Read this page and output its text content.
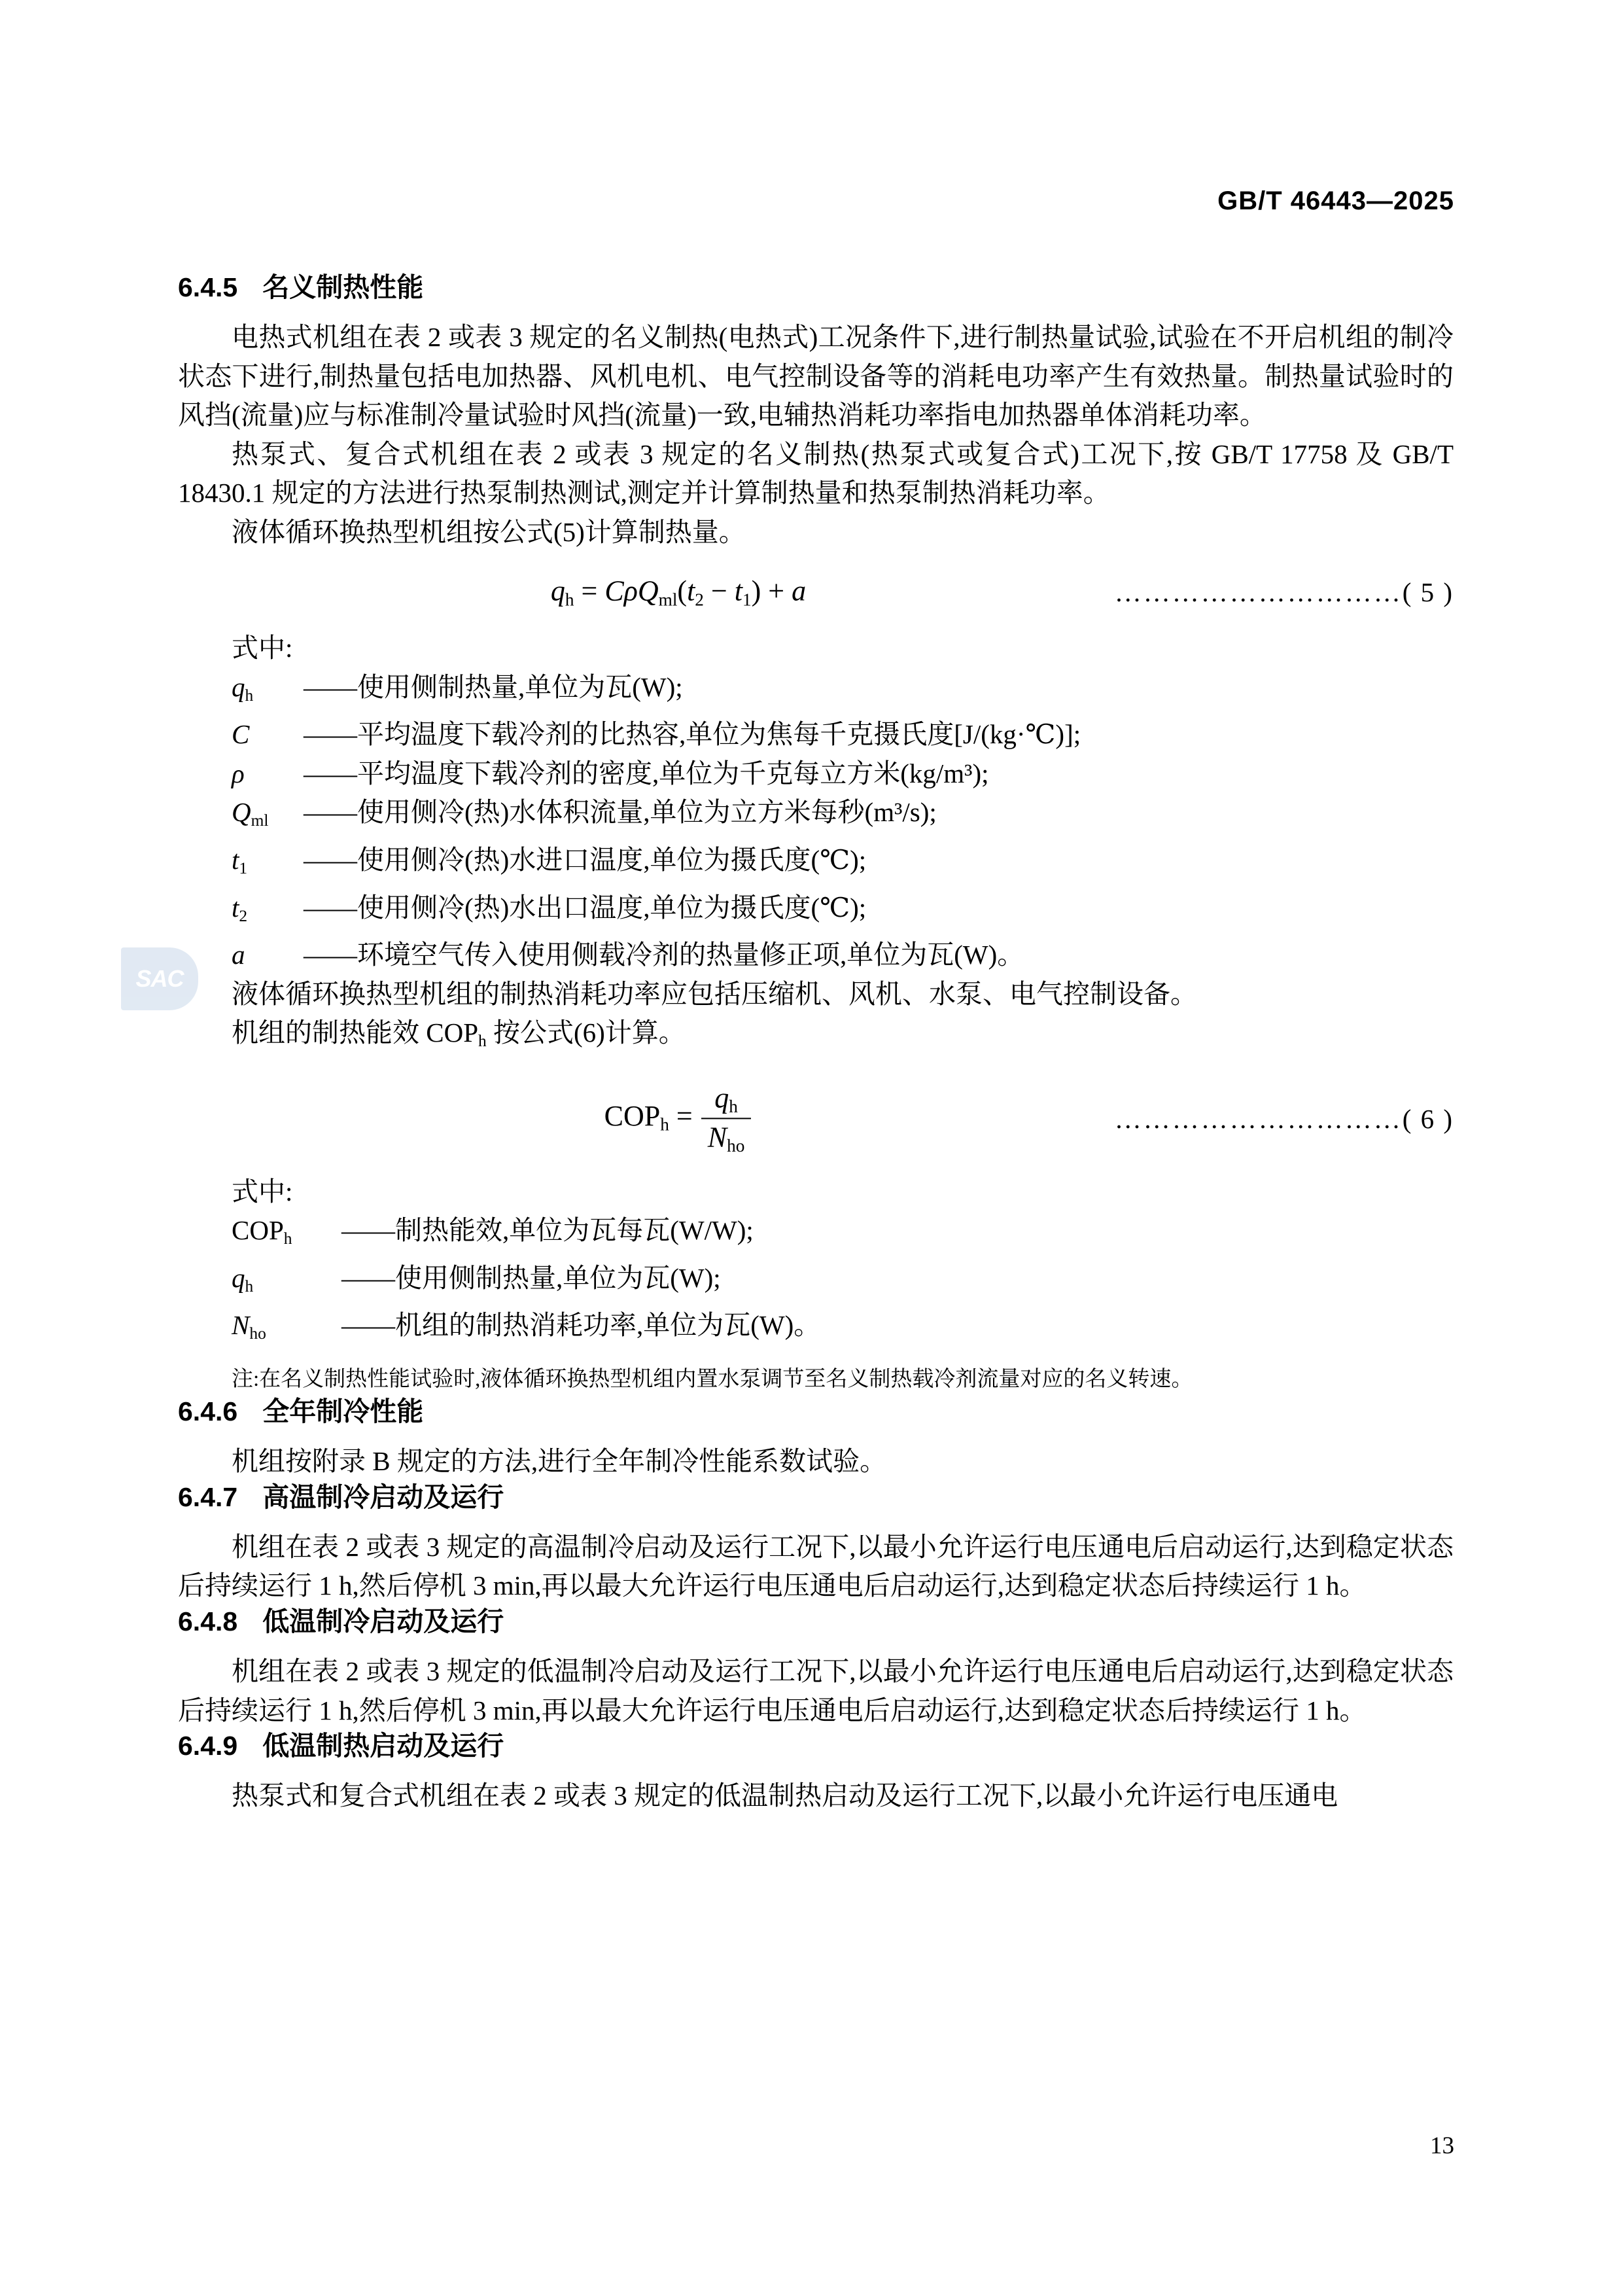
GB/T 46443—2025
SAC
6.4.5 名义制热性能

电热式机组在表 2 或表 3 规定的名义制热(电热式)工况条件下,进行制热量试验,试验在不开启机组的制冷状态下进行,制热量包括电加热器、风机电机、电气控制设备等的消耗电功率产生有效热量。制热量试验时的风挡(流量)应与标准制冷量试验时风挡(流量)一致,电辅热消耗功率指电加热器单体消耗功率。

热泵式、复合式机组在表 2 或表 3 规定的名义制热(热泵式或复合式)工况下,按 GB/T 17758 及 GB/T 18430.1 规定的方法进行热泵制热测试,测定并计算制热量和热泵制热消耗功率。

液体循环换热型机组按公式(5)计算制热量。

$q_h = C\rho Q_{ml}(t_2 - t_1) + a$	…………………………( 5 )

式中:

$q_h$	——使用侧制热量,单位为瓦(W);
C	——平均温度下载冷剂的比热容,单位为焦每千克摄氏度[J/(kg·℃)];
ρ	——平均温度下载冷剂的密度,单位为千克每立方米(kg/m³);
$Q_{ml}$	——使用侧冷(热)水体积流量,单位为立方米每秒(m³/s);
$t_1$	——使用侧冷(热)水进口温度,单位为摄氏度(℃);
$t_2$	——使用侧冷(热)水出口温度,单位为摄氏度(℃);
a	——环境空气传入使用侧载冷剂的热量修正项,单位为瓦(W)。

液体循环换热型机组的制热消耗功率应包括压缩机、风机、水泵、电气控制设备。

机组的制热能效 $COP_h$ 按公式(6)计算。

$COP_h = \frac{q_h}{N_{ho}}$	…………………………( 6 )

式中:

$COP_h$	——制热能效,单位为瓦每瓦(W/W);
$q_h$	——使用侧制热量,单位为瓦(W);
$N_{ho}$	——机组的制热消耗功率,单位为瓦(W)。

注:在名义制热性能试验时,液体循环换热型机组内置水泵调节至名义制热载冷剂流量对应的名义转速。

6.4.6 全年制冷性能

机组按附录 B 规定的方法,进行全年制冷性能系数试验。

6.4.7 高温制冷启动及运行

机组在表 2 或表 3 规定的高温制冷启动及运行工况下,以最小允许运行电压通电后启动运行,达到稳定状态后持续运行 1 h,然后停机 3 min,再以最大允许运行电压通电后启动运行,达到稳定状态后持续运行 1 h。

6.4.8 低温制冷启动及运行

机组在表 2 或表 3 规定的低温制冷启动及运行工况下,以最小允许运行电压通电后启动运行,达到稳定状态后持续运行 1 h,然后停机 3 min,再以最大允许运行电压通电后启动运行,达到稳定状态后持续运行 1 h。

6.4.9 低温制热启动及运行

热泵式和复合式机组在表 2 或表 3 规定的低温制热启动及运行工况下,以最小允许运行电压通电

13
